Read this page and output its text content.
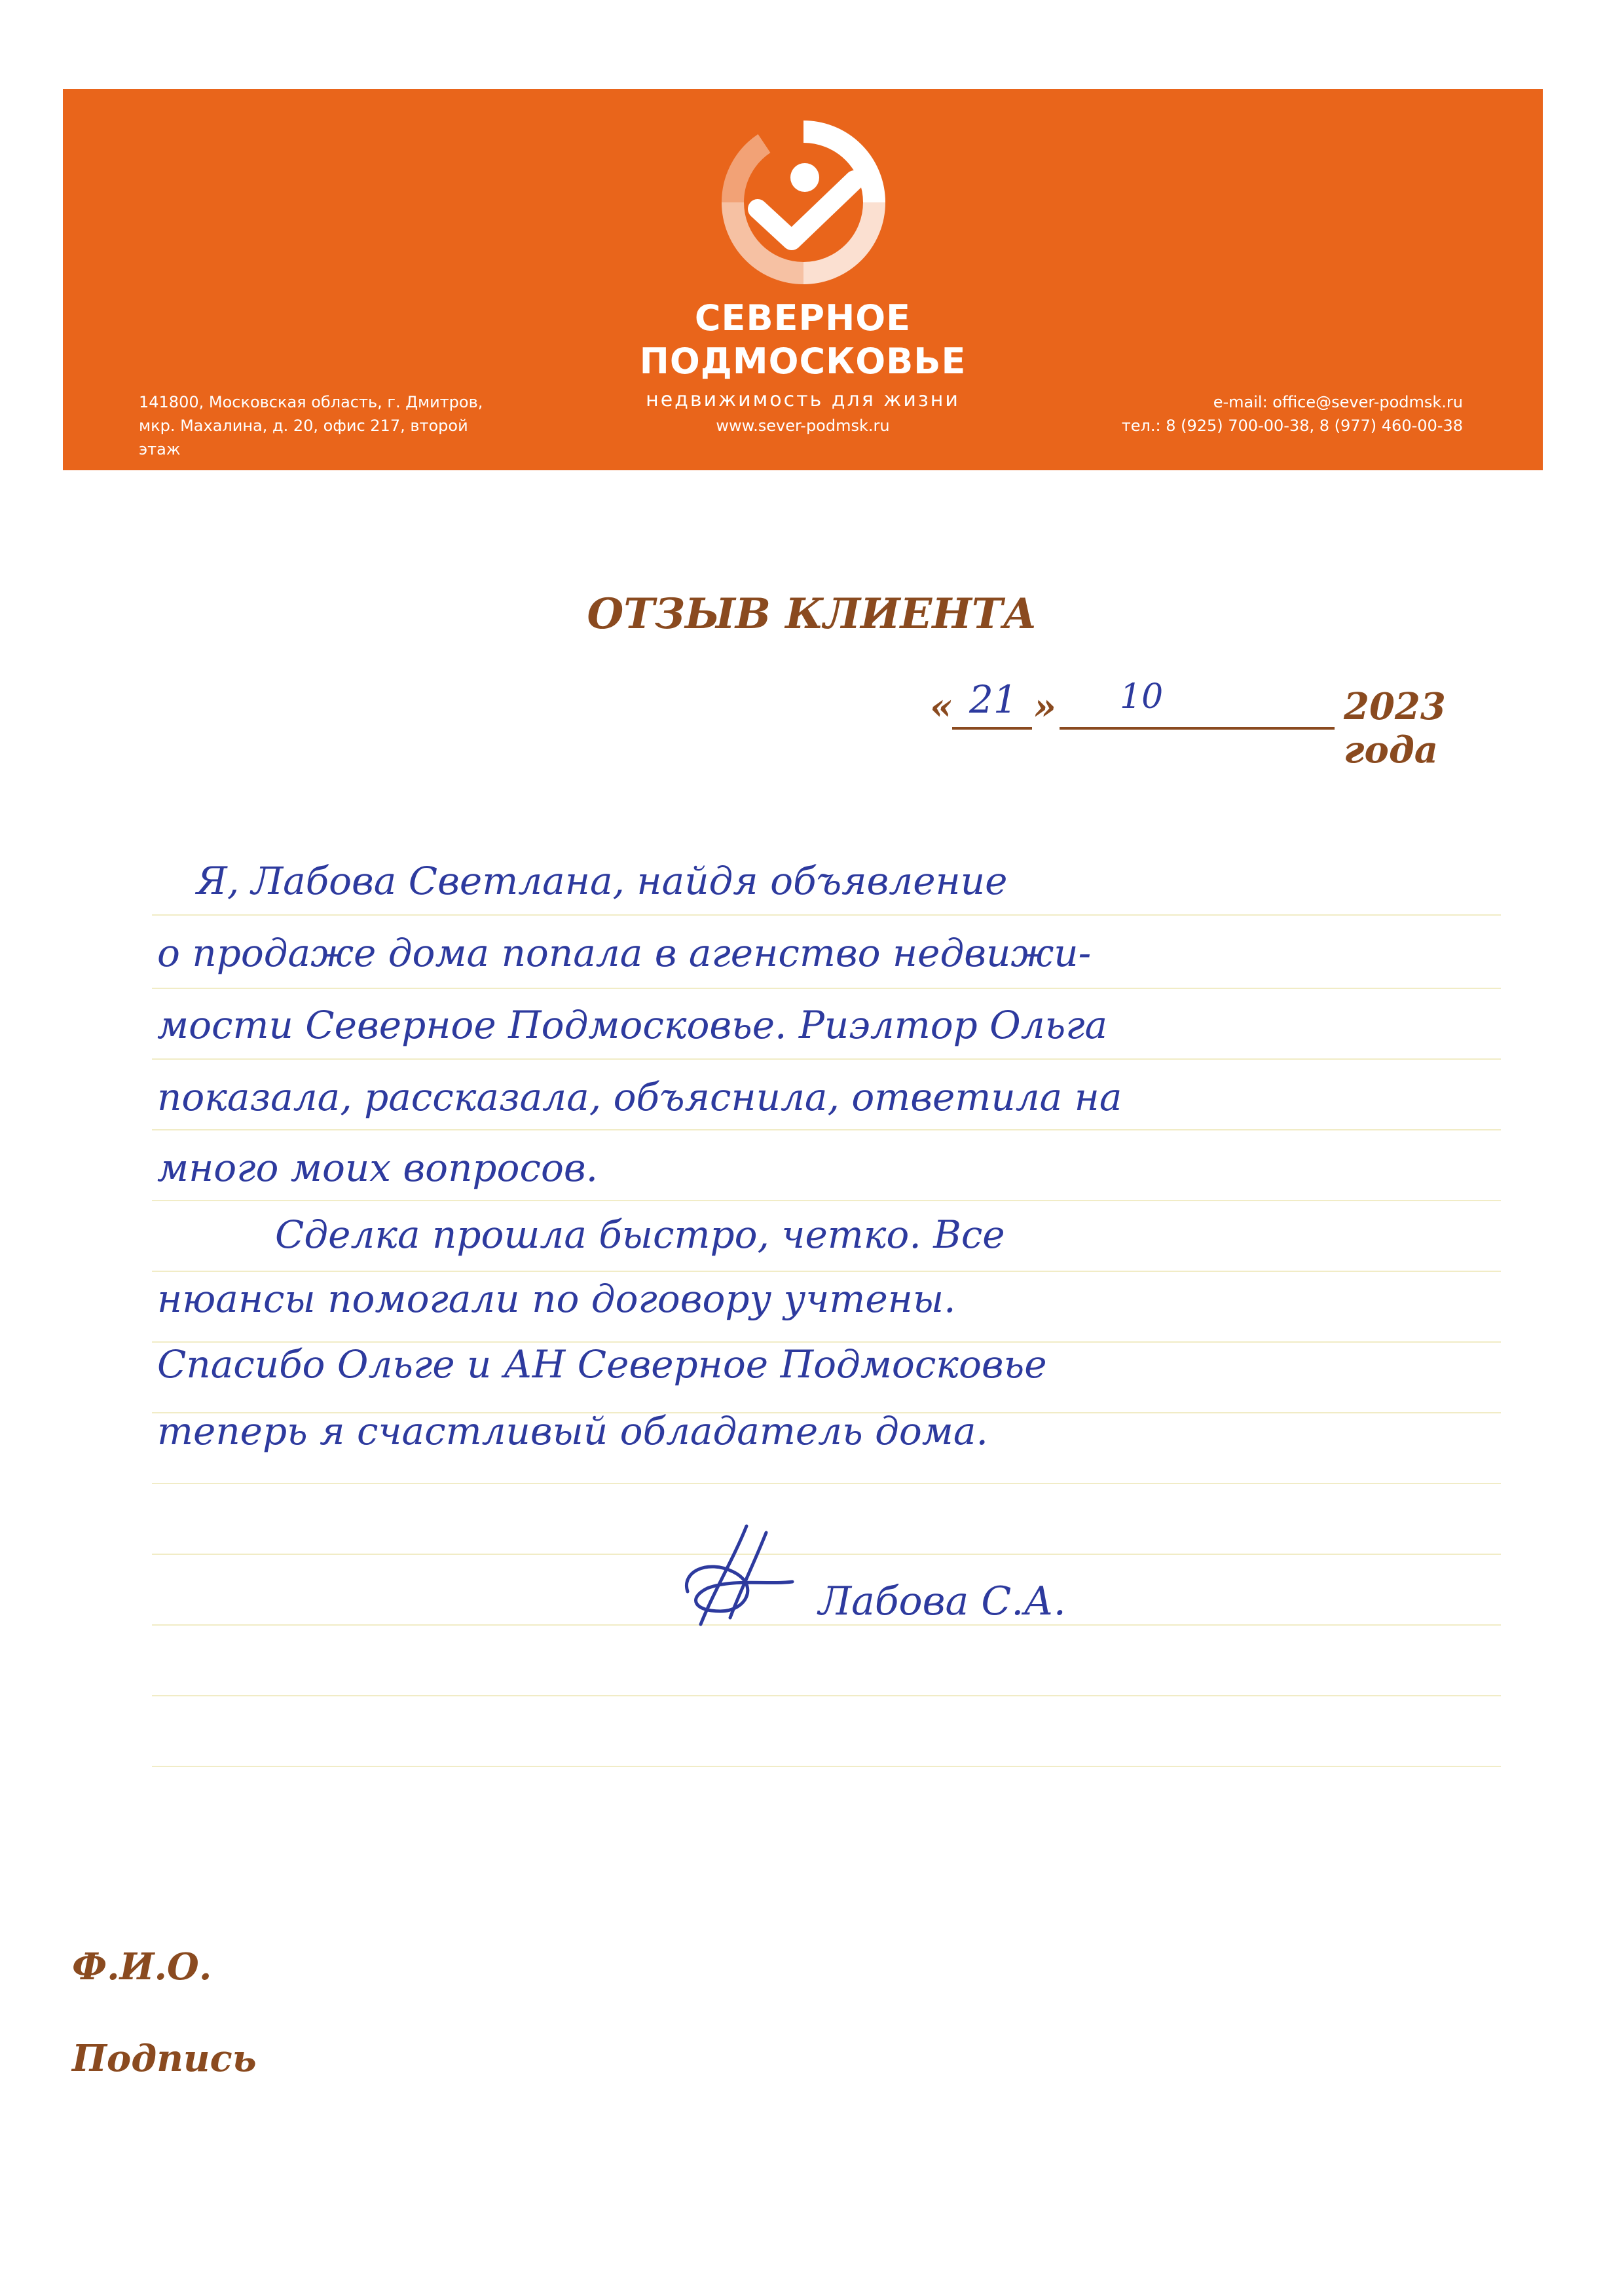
СЕВЕРНОЕ
ПОДМОСКОВЬЕ
недвижимость для жизни
www.sever-podmsk.ru
141800, Московская область, г. Дмитров,
мкр. Махалина, д. 20, офис 217, второй этаж
e-mail: office@sever-podmsk.ru
тел.: 8 (925) 700-00-38, 8 (977) 460-00-38
ОТЗЫВ КЛИЕНТА
« 21 » 10	2023 года
Я, Лабова Светлана, найдя объявление
о продаже дома попала в агенство недвижи-
мости Северное Подмосковье. Риэлтор Ольга
показала, рассказала, объяснила, ответила на
много моих вопросов.
Сделка прошла быстро, четко. Все
нюансы помогали по договору учтены.
Спасибо Ольге и АН Северное Подмосковье
теперь я счастливый обладатель дома.
Лабова С.А.
Ф.И.О.
Подпись
